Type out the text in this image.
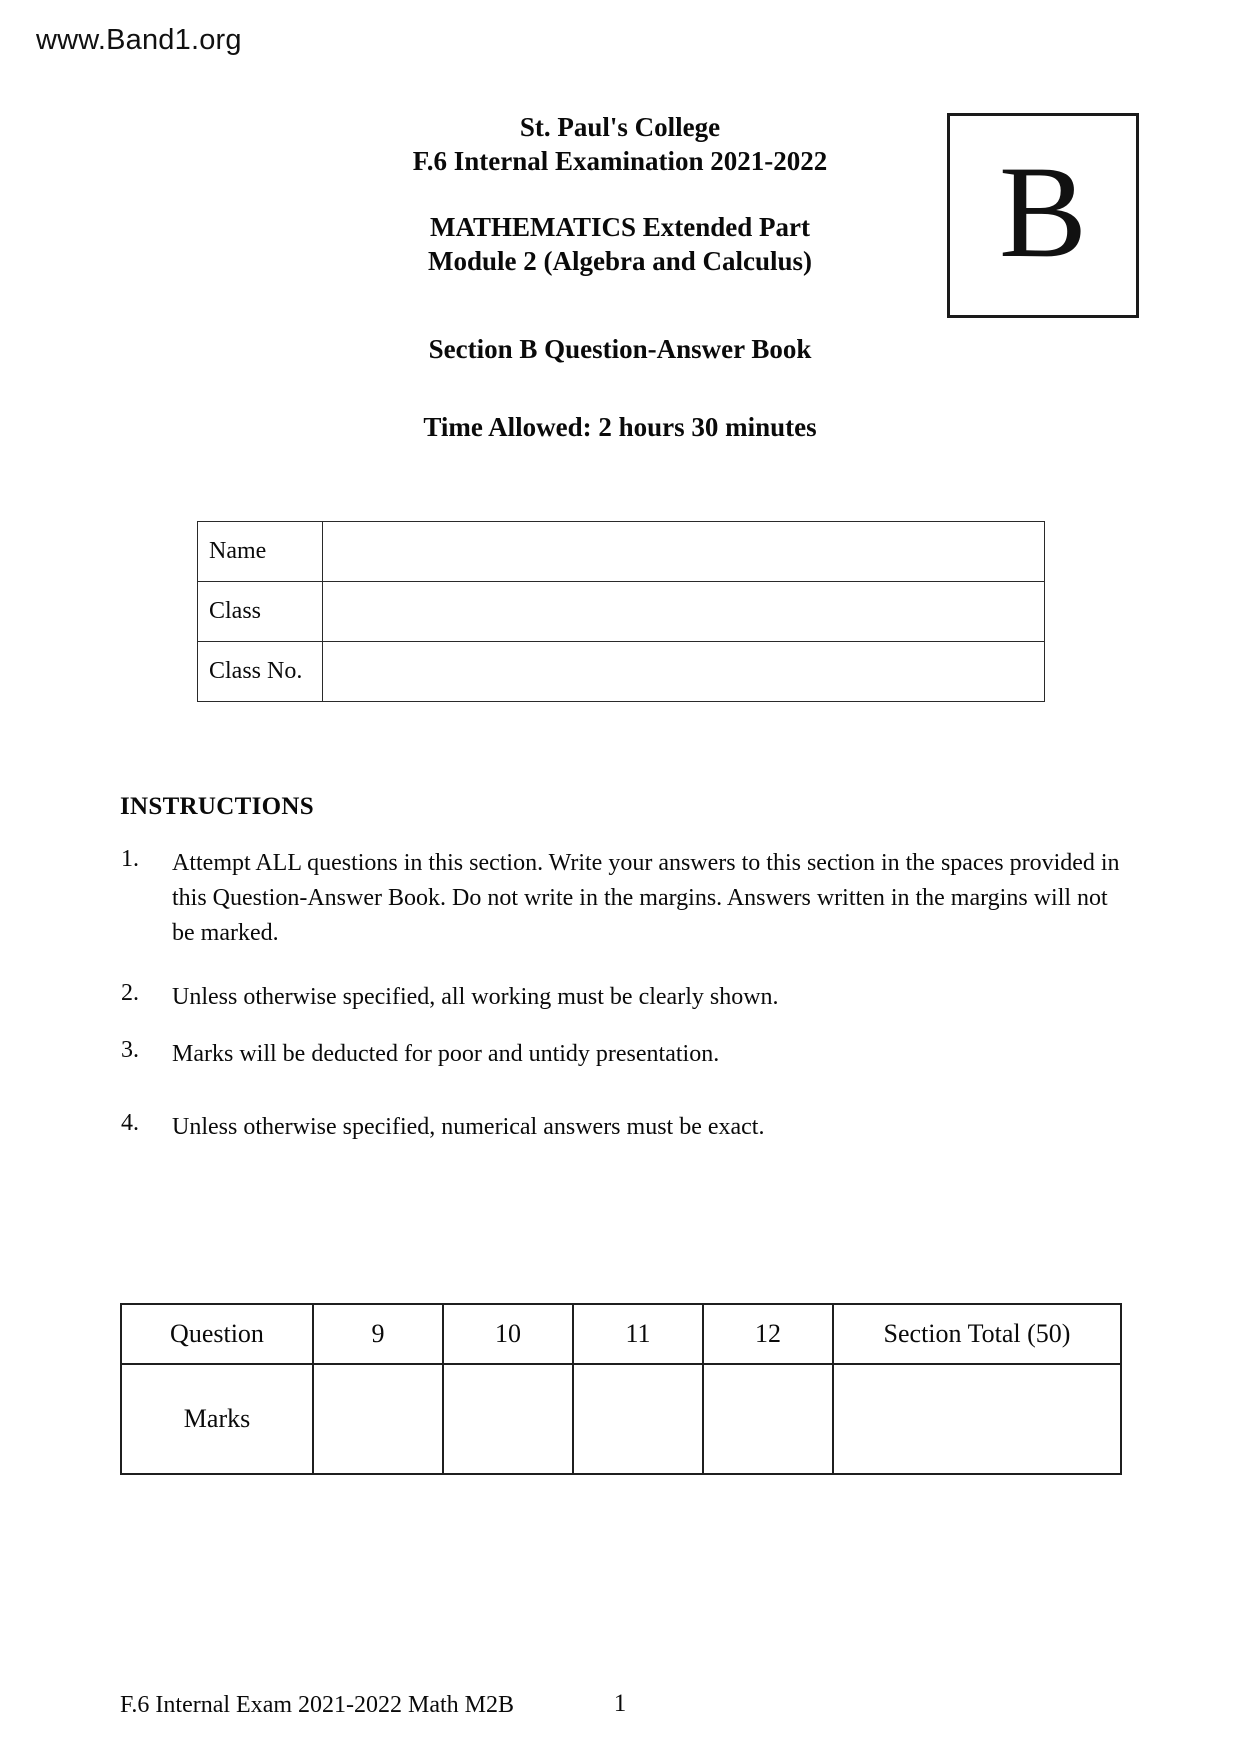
www.Band1.org
St. Paul's College
F.6 Internal Examination 2021-2022
MATHEMATICS Extended Part
Module 2 (Algebra and Calculus)
Section B Question-Answer Book
Time Allowed: 2 hours 30 minutes
B
Name	
Class	
Class No.	
INSTRUCTIONS
1.	Attempt ALL questions in this section. Write your answers to this section in the spaces provided in this Question-Answer Book. Do not write in the margins. Answers written in the margins will not be marked.
2.	Unless otherwise specified, all working must be clearly shown.
3.	Marks will be deducted for poor and untidy presentation.
4.	Unless otherwise specified, numerical answers must be exact.
Question	9	10	11	12	Section Total (50)
Marks					
F.6 Internal Exam 2021-2022 Math M2B	1
